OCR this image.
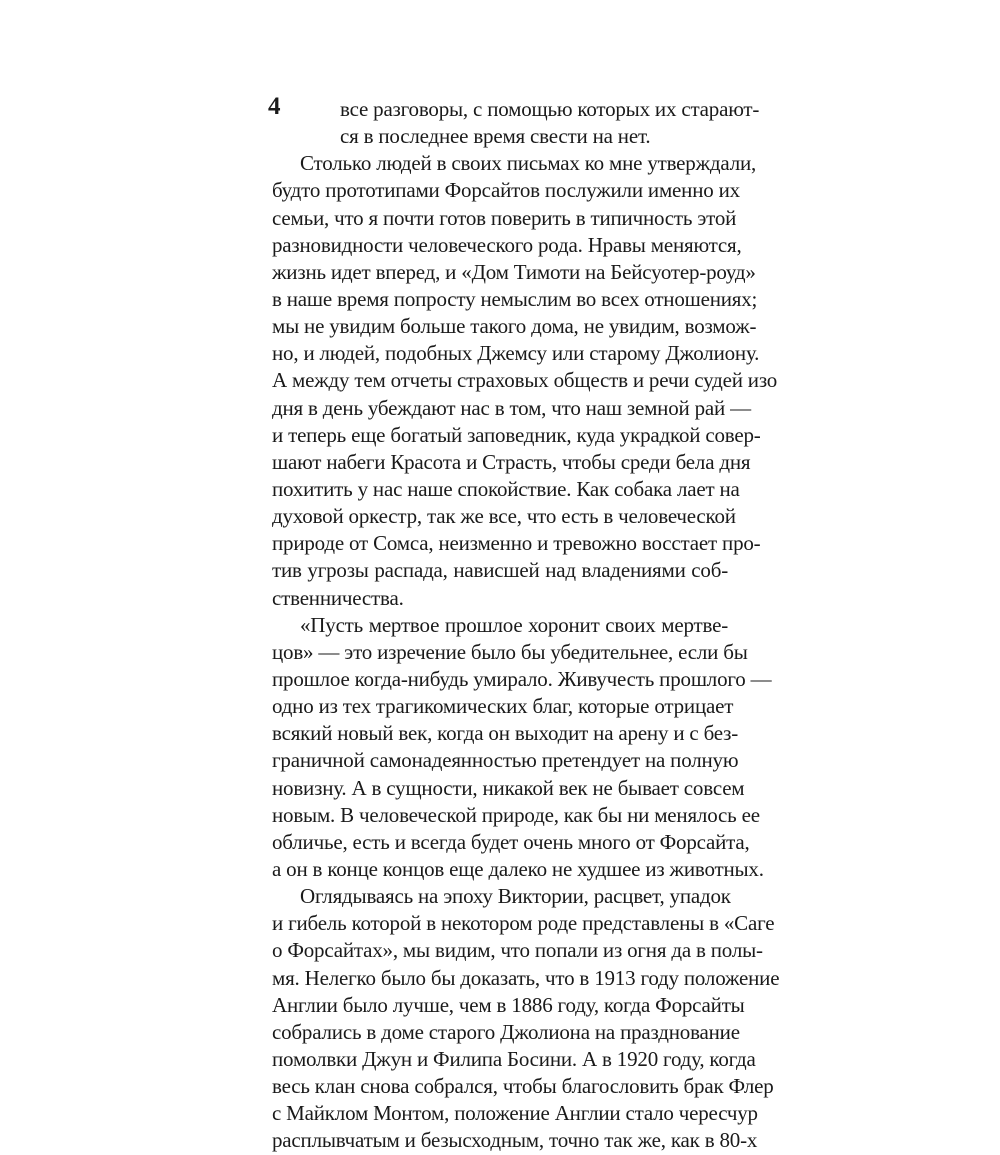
4	все разговоры, с помощью которых их старают-
ся в последнее время свести на нет.
Столько людей в своих письмах ко мне утверждали,
будто прототипами Форсайтов послужили именно их
семьи, что я почти готов поверить в типичность этой
разновидности человеческого рода. Нравы меняются,
жизнь идет вперед, и «Дом Тимоти на Бейсуотер-роуд»
в наше время попросту немыслим во всех отношениях;
мы не увидим больше такого дома, не увидим, возмож-
но, и людей, подобных Джемсу или старому Джолиону.
А между тем отчеты страховых обществ и речи судей изо
дня в день убеждают нас в том, что наш земной рай —
и теперь еще богатый заповедник, куда украдкой совер-
шают набеги Красота и Страсть, чтобы среди бела дня
похитить у нас наше спокойствие. Как собака лает на
духовой оркестр, так же все, что есть в человеческой
природе от Сомса, неизменно и тревожно восстает про-
тив угрозы распада, нависшей над владениями соб-
ственничества.
«Пусть мертвое прошлое хоронит своих мертве-
цов» — это изречение было бы убедительнее, если бы
прошлое когда-нибудь умирало. Живучесть прошлого —
одно из тех трагикомических благ, которые отрицает
всякий новый век, когда он выходит на арену и с без-
граничной самонадеянностью претендует на полную
новизну. А в сущности, никакой век не бывает совсем
новым. В человеческой природе, как бы ни менялось ее
обличье, есть и всегда будет очень много от Форсайта,
а он в конце концов еще далеко не худшее из животных.
Оглядываясь на эпоху Виктории, расцвет, упадок
и гибель которой в некотором роде представлены в «Саге
о Форсайтах», мы видим, что попали из огня да в полы-
мя. Нелегко было бы доказать, что в 1913 году положение
Англии было лучше, чем в 1886 году, когда Форсайты
собрались в доме старого Джолиона на празднование
помолвки Джун и Филипа Босини. А в 1920 году, когда
весь клан снова собрался, чтобы благословить брак Флер
с Майклом Монтом, положение Англии стало чересчур
расплывчатым и безысходным, точно так же, как в 80-х
